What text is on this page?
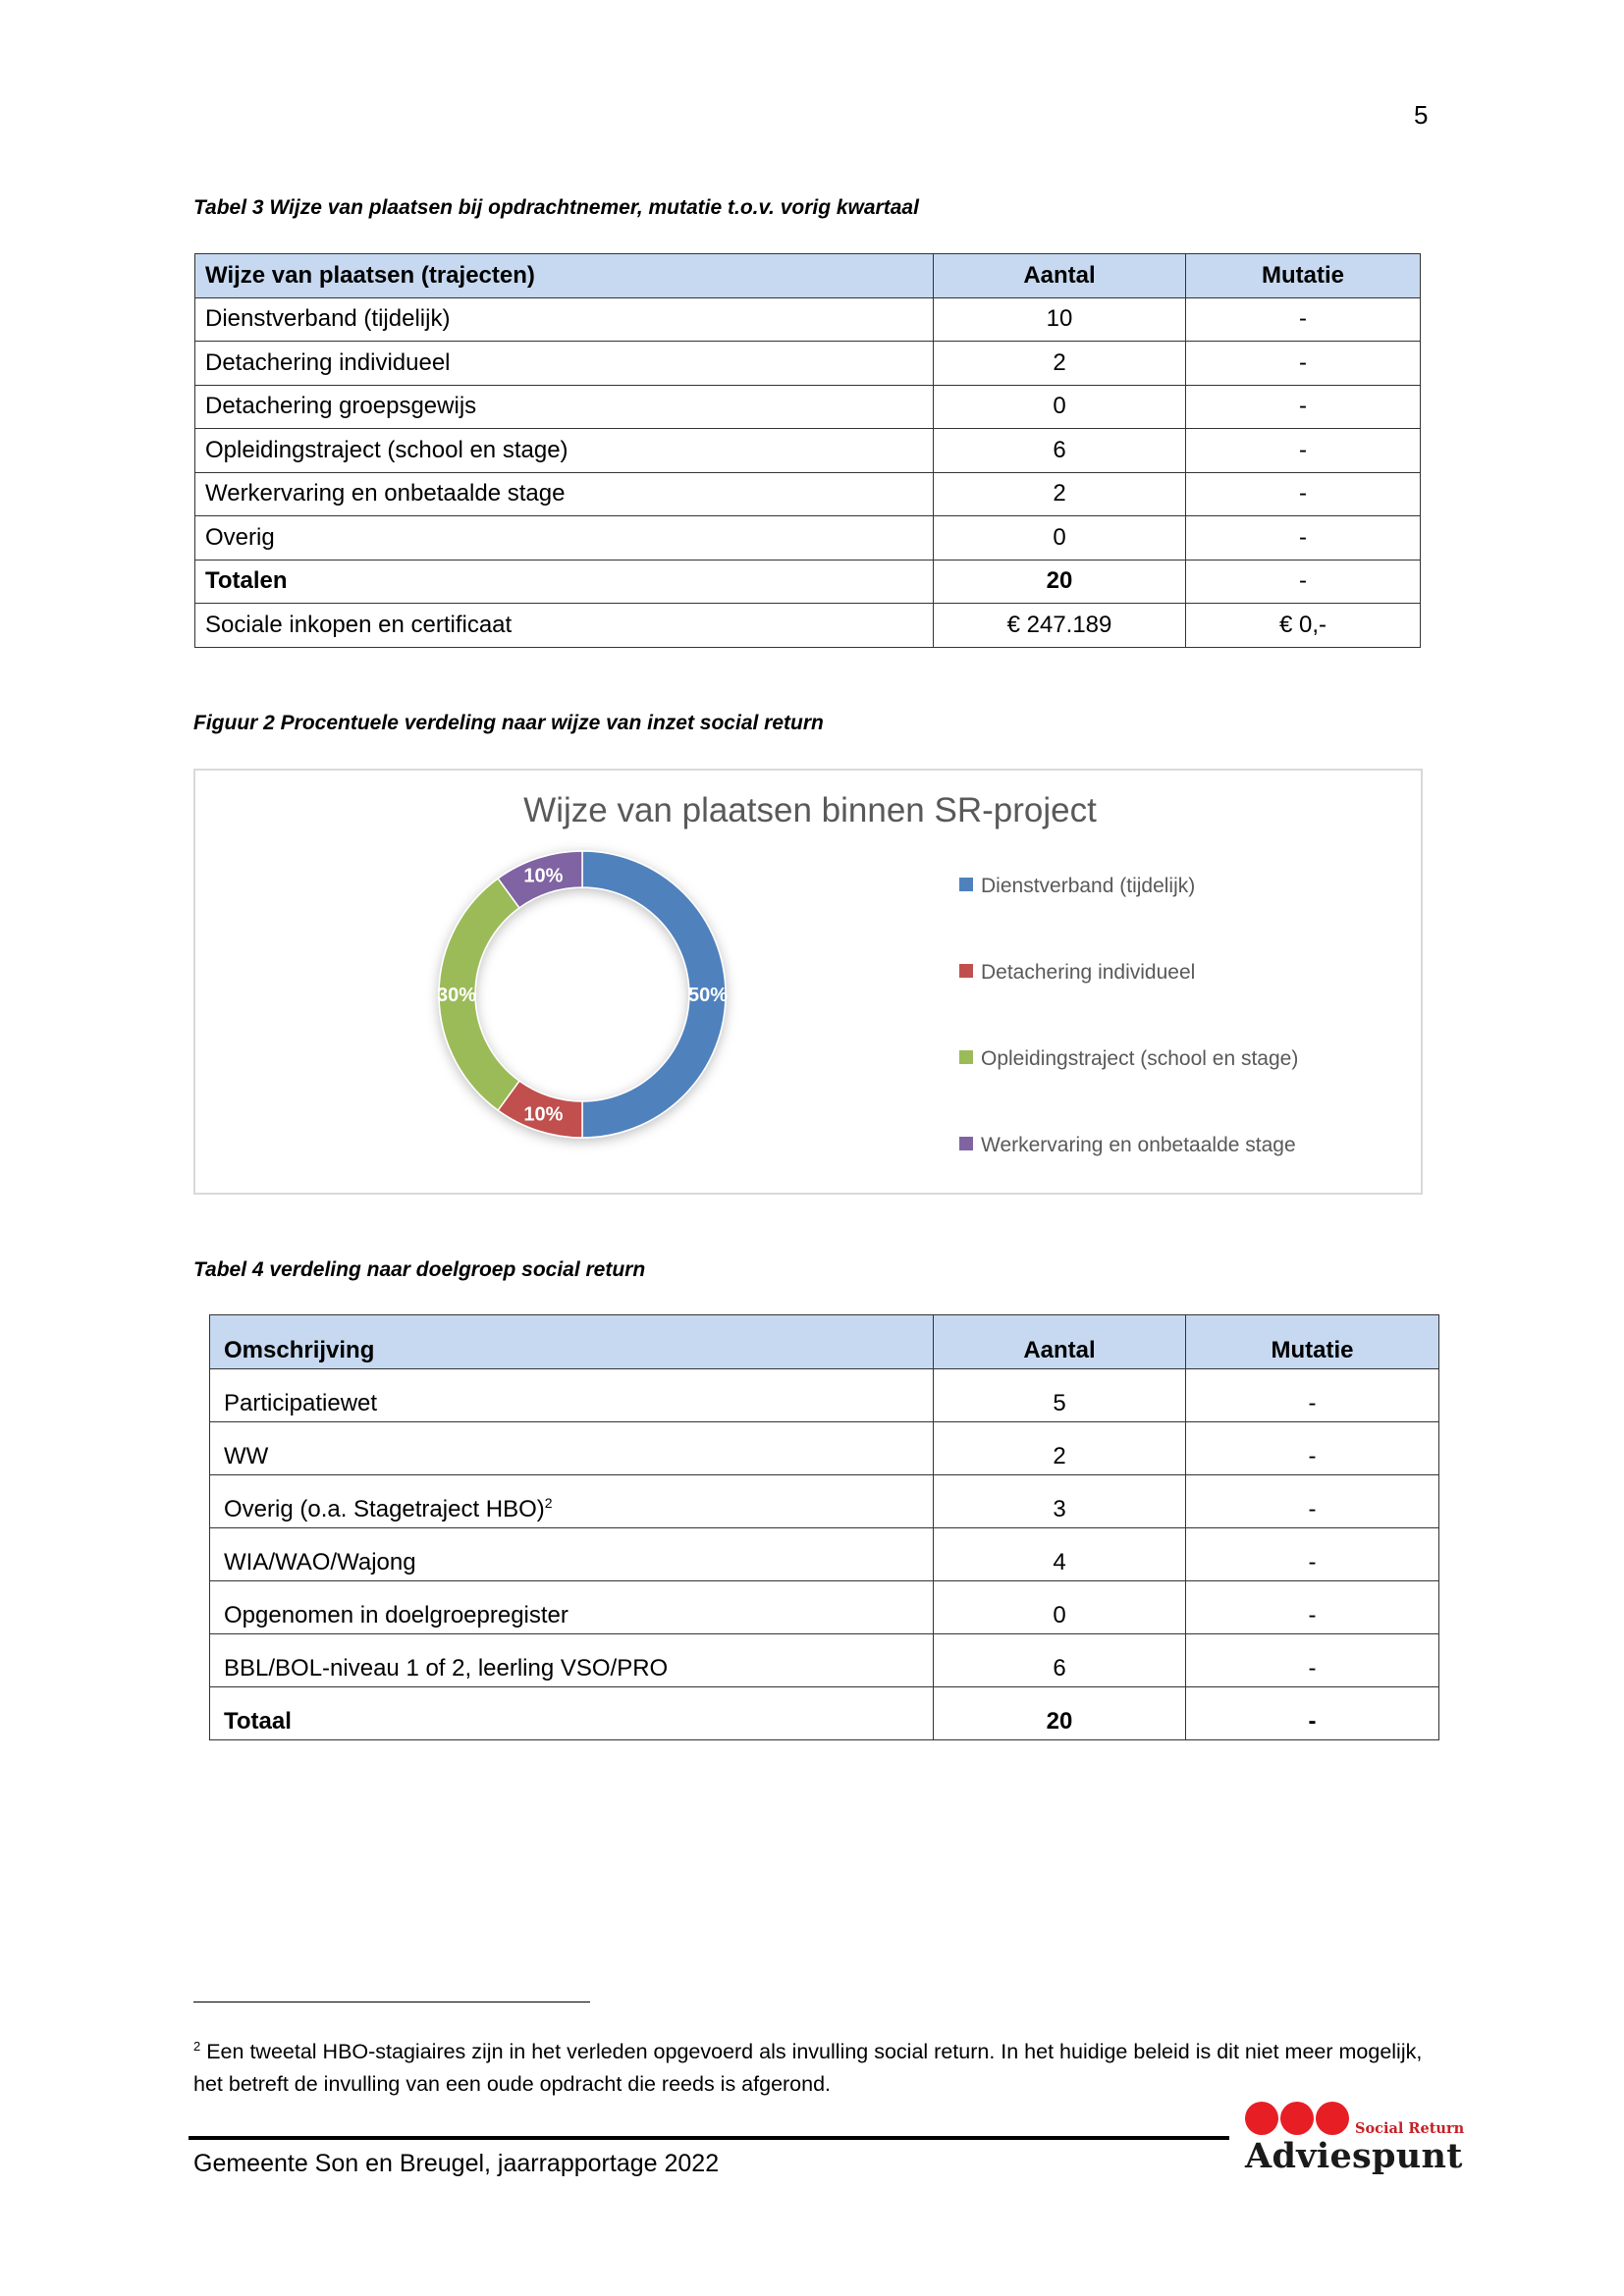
5
Tabel 3 Wijze van plaatsen bij opdrachtnemer, mutatie t.o.v. vorig kwartaal
Wijze van plaatsen (trajecten)	Aantal	Mutatie
Dienstverband (tijdelijk)	10	-
Detachering individueel	2	-
Detachering groepsgewijs	0	-
Opleidingstraject (school en stage)	6	-
Werkervaring en onbetaalde stage	2	-
Overig	0	-
Totalen	20	-
Sociale inkopen en certificaat	€ 247.189	€ 0,-
Figuur 2 Procentuele verdeling naar wijze van inzet social return
Wijze van plaatsen binnen SR-project
50%
10%
30%
10%	Dienstverband (tijdelijk)
Detachering individueel
Opleidingstraject (school en stage)
Werkervaring en onbetaalde stage
Tabel 4 verdeling naar doelgroep social return
Omschrijving	Aantal	Mutatie
Participatiewet	5	-
WW	2	-
Overig (o.a. Stagetraject HBO)$^2$	3	-
WIA/WAO/Wajong	4	-
Opgenomen in doelgroepregister	0	-
BBL/BOL-niveau 1 of 2, leerling VSO/PRO	6	-
Totaal	20	-
$^2$ Een tweetal HBO-stagiaires zijn in het verleden opgevoerd als invulling social return. In het huidige beleid is dit niet meer mogelijk, het betreft de invulling van een oude opdracht die reeds is afgerond.
Gemeente Son en Breugel, jaarrapportage 2022
Social Return
Adviespunt
